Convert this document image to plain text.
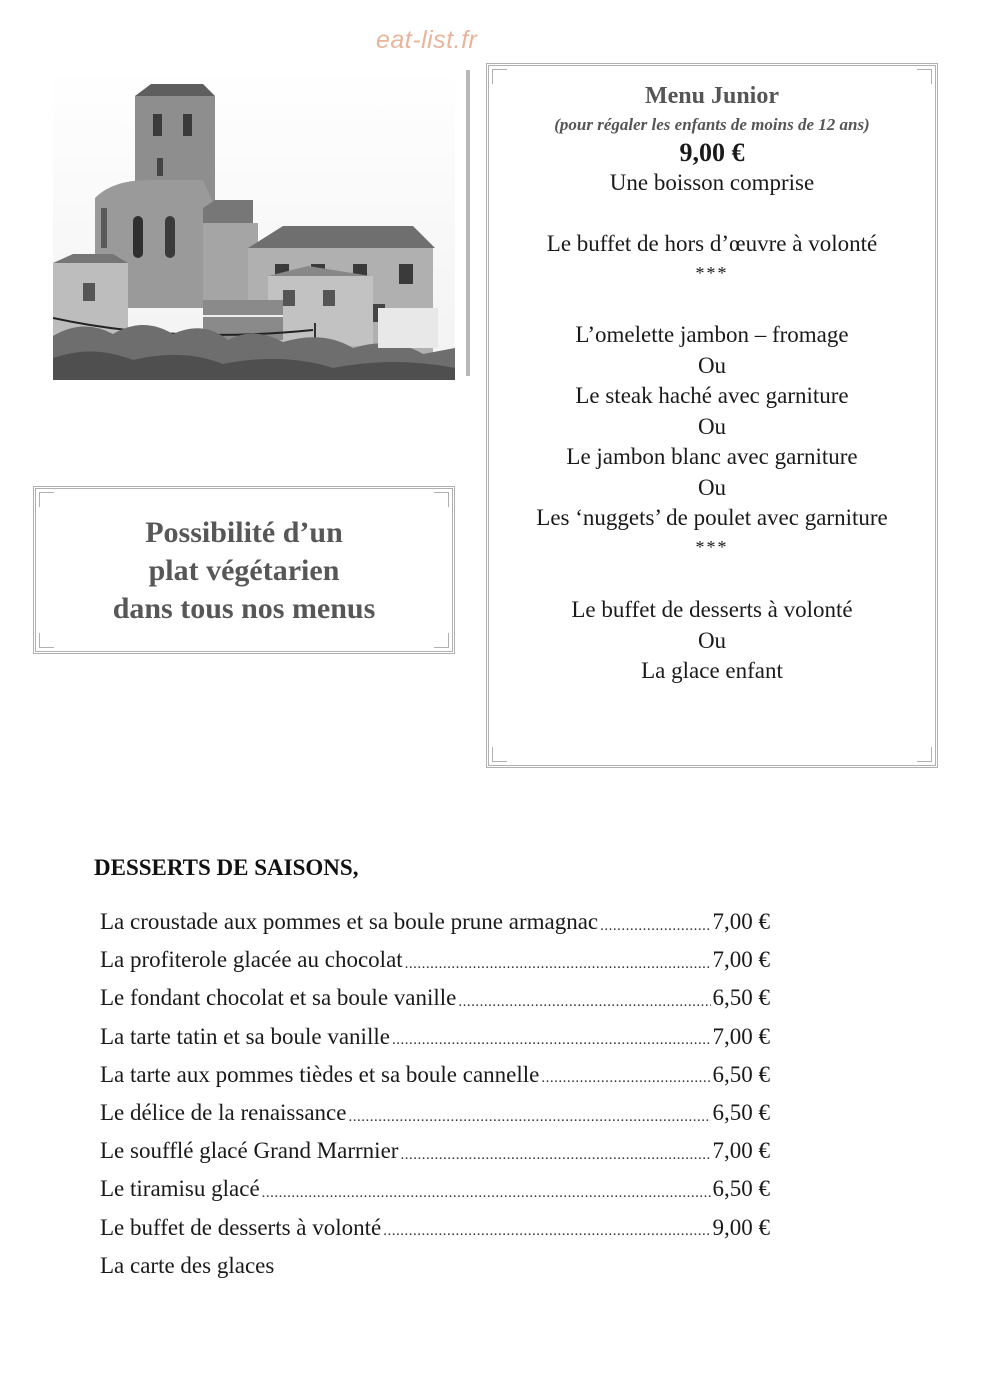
eat-list.fr
Possibilité d’un
plat végétarien
dans tous nos menus
Menu Junior
(pour régaler les enfants de moins de 12 ans)
9,00 €
Une boisson comprise
Le buffet de hors d’œuvre à volonté
***
L’omelette jambon – fromage
Ou
Le steak haché avec garniture
Ou
Le jambon blanc avec garniture
Ou
Les ‘nuggets’ de poulet avec garniture
***
Le buffet de desserts à volonté
Ou
La glace enfant
DESSERTS DE SAISONS,
La croustade aux pommes et sa boule prune armagnac .....	7,00 €
La profiterole glacée au chocolat .....	7,00 €
Le fondant chocolat et sa boule vanille .....	6,50 €
La tarte tatin et sa boule vanille .....	7,00 €
La tarte aux pommes tièdes et sa boule cannelle .....	6,50 €
Le délice de la renaissance .....	6,50 €
Le soufflé glacé Grand Marrnier .....	7,00 €
Le tiramisu glacé .....	6,50 €
Le buffet de desserts à volonté .....	9,00 €
La carte des glaces
